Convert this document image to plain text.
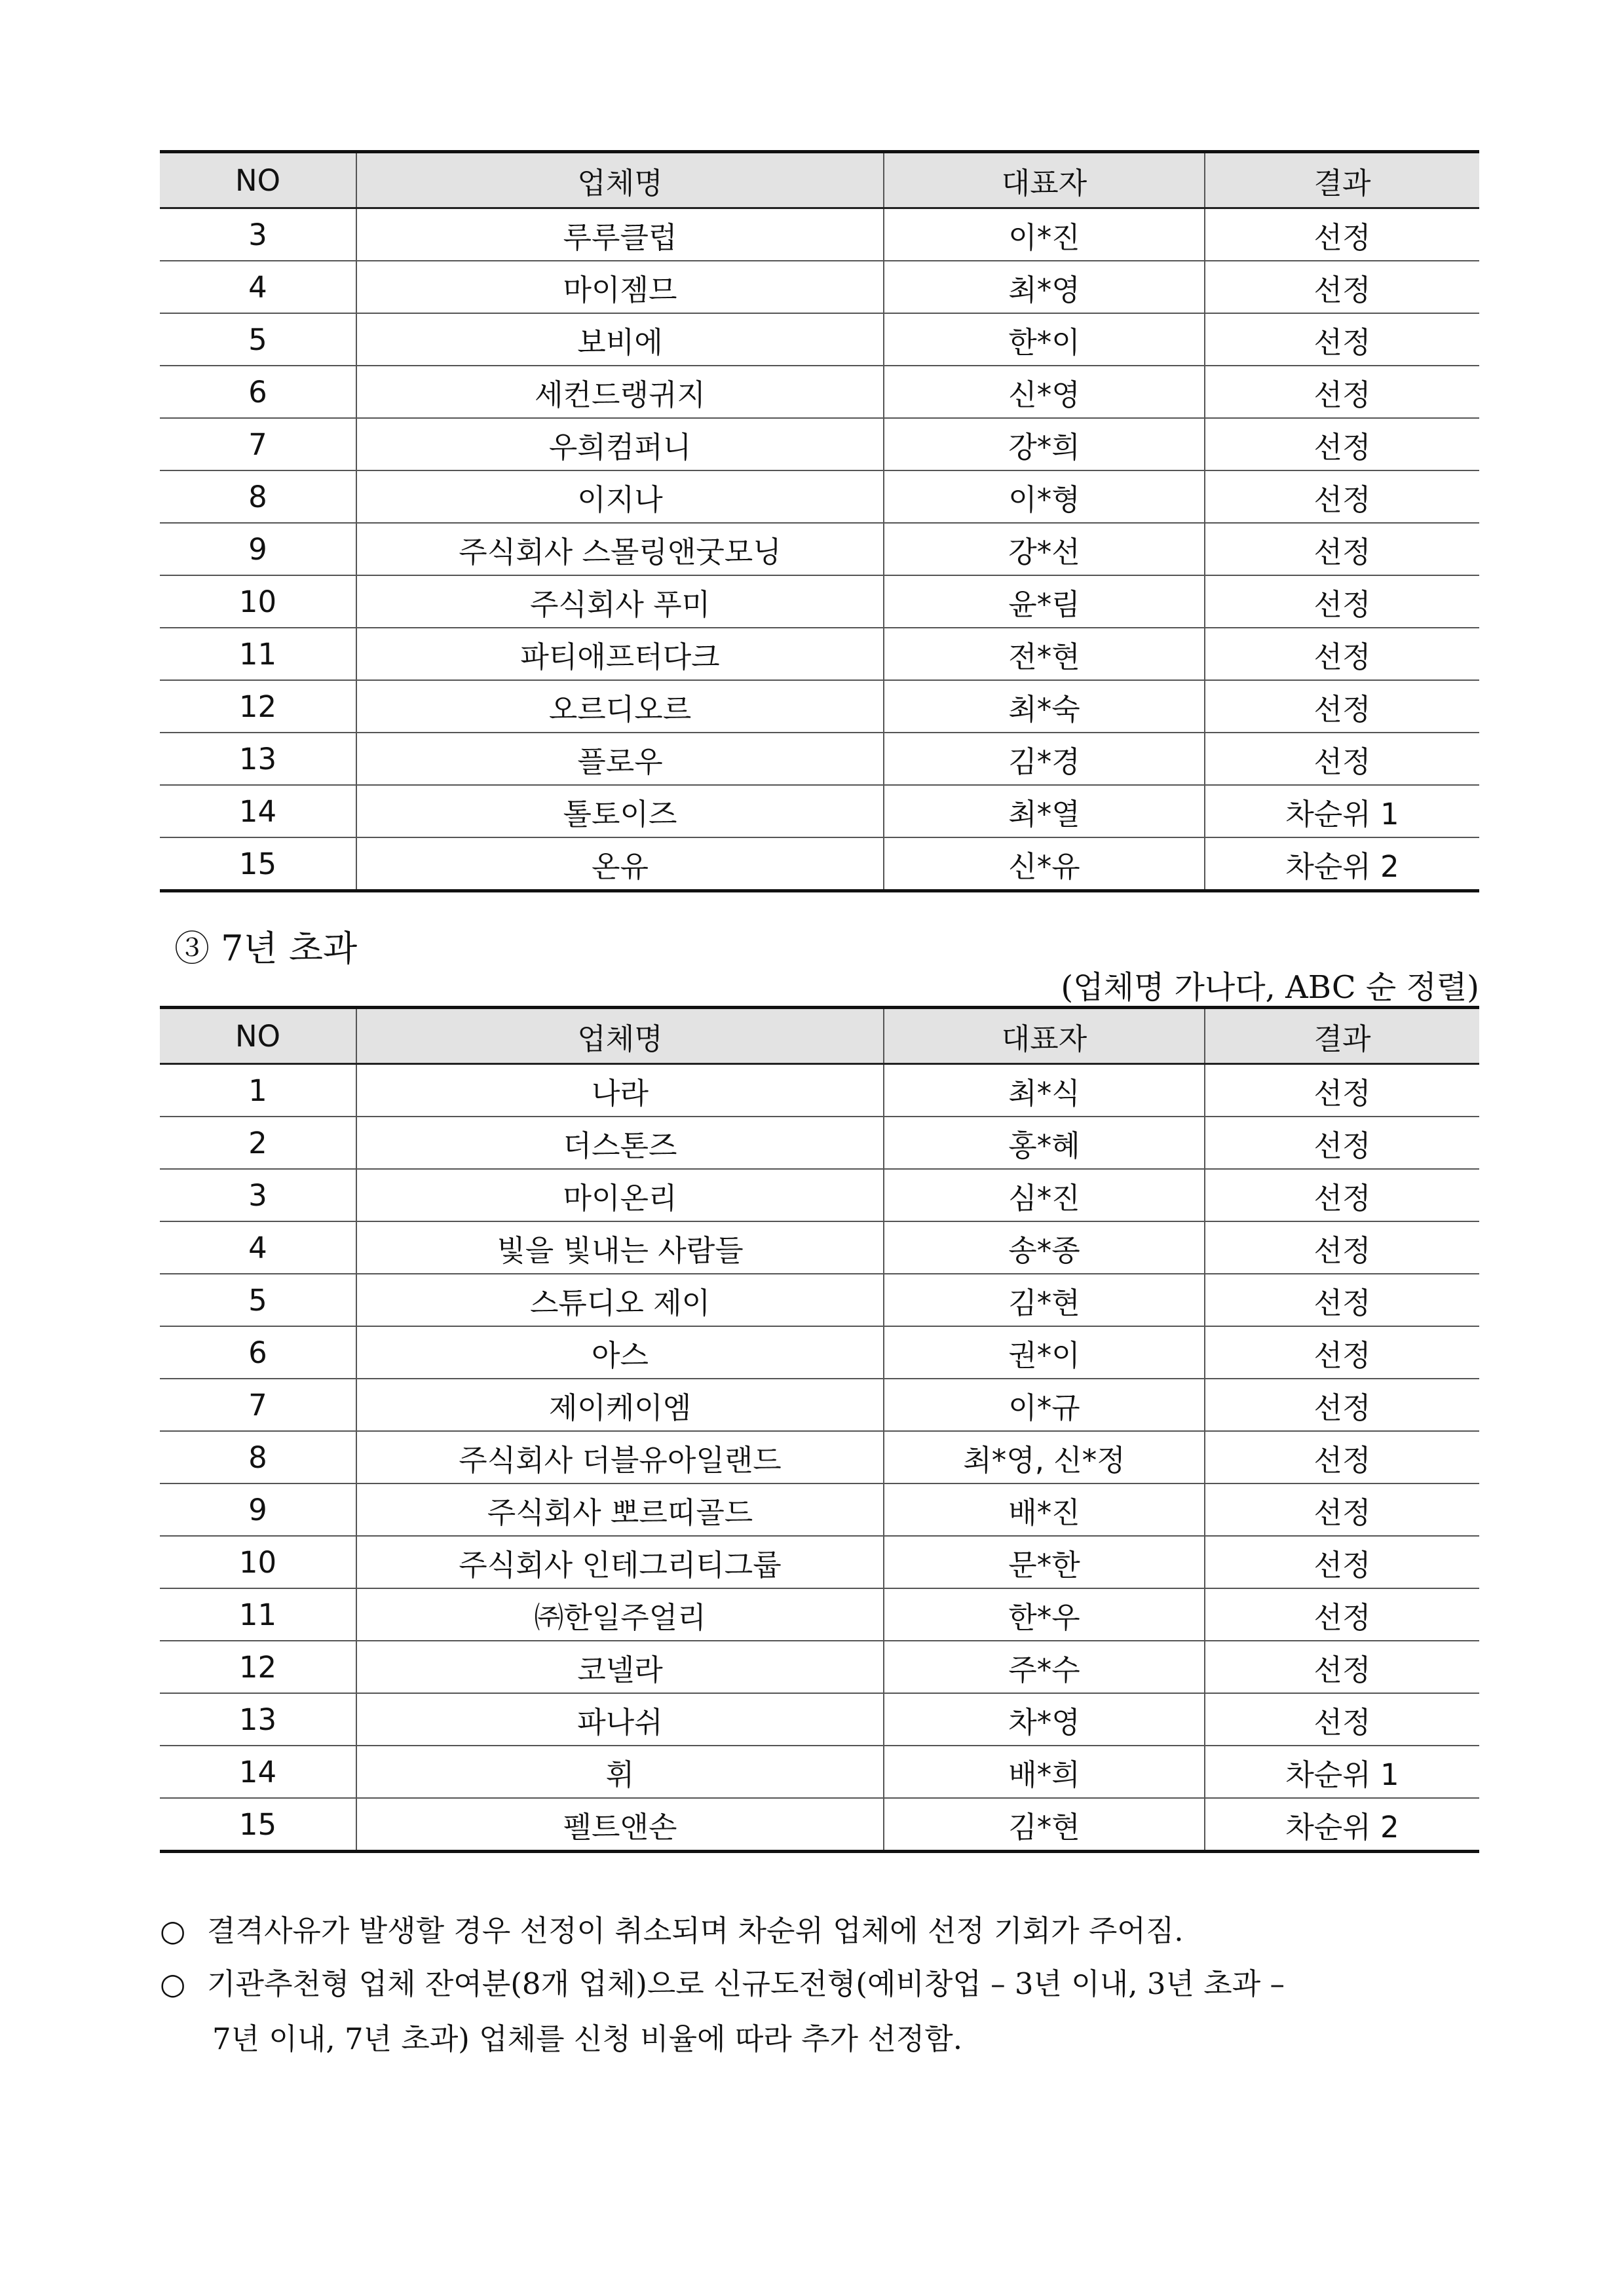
NO	업체명	대표자	결과
3	루루클럽	이*진	선정
4	마이젬므	최*영	선정
5	보비에	한*이	선정
6	세컨드랭귀지	신*영	선정
7	우희컴퍼니	강*희	선정
8	이지나	이*형	선정
9	주식회사 스몰링앤굿모닝	강*선	선정
10	주식회사 푸미	윤*림	선정
11	파티애프터다크	전*현	선정
12	오르디오르	최*숙	선정
13	플로우	김*경	선정
14	톨토이즈	최*열	차순위 1
15	온유	신*유	차순위 2
③ 7년 초과

(업체명 가나다, ABC 순 정렬)

NO	업체명	대표자	결과
1	나라	최*식	선정
2	더스톤즈	홍*혜	선정
3	마이온리	심*진	선정
4	빛을 빛내는 사람들	송*종	선정
5	스튜디오 제이	김*현	선정
6	아스	권*이	선정
7	제이케이엠	이*규	선정
8	주식회사 더블유아일랜드	최*영, 신*정	선정
9	주식회사 뽀르띠골드	배*진	선정
10	주식회사 인테그리티그룹	문*한	선정
11	㈜한일주얼리	한*우	선정
12	코넬라	주*수	선정
13	파나쉬	차*영	선정
14	휘	배*희	차순위 1
15	펠트앤손	김*현	차순위 2

○ 결격사유가 발생할 경우 선정이 취소되며 차순위 업체에 선정 기회가 주어짐.

○ 기관추천형 업체 잔여분(8개 업체)으로 신규도전형(예비창업 – 3년 이내, 3년 초과 –
7년 이내, 7년 초과) 업체를 신청 비율에 따라 추가 선정함.
